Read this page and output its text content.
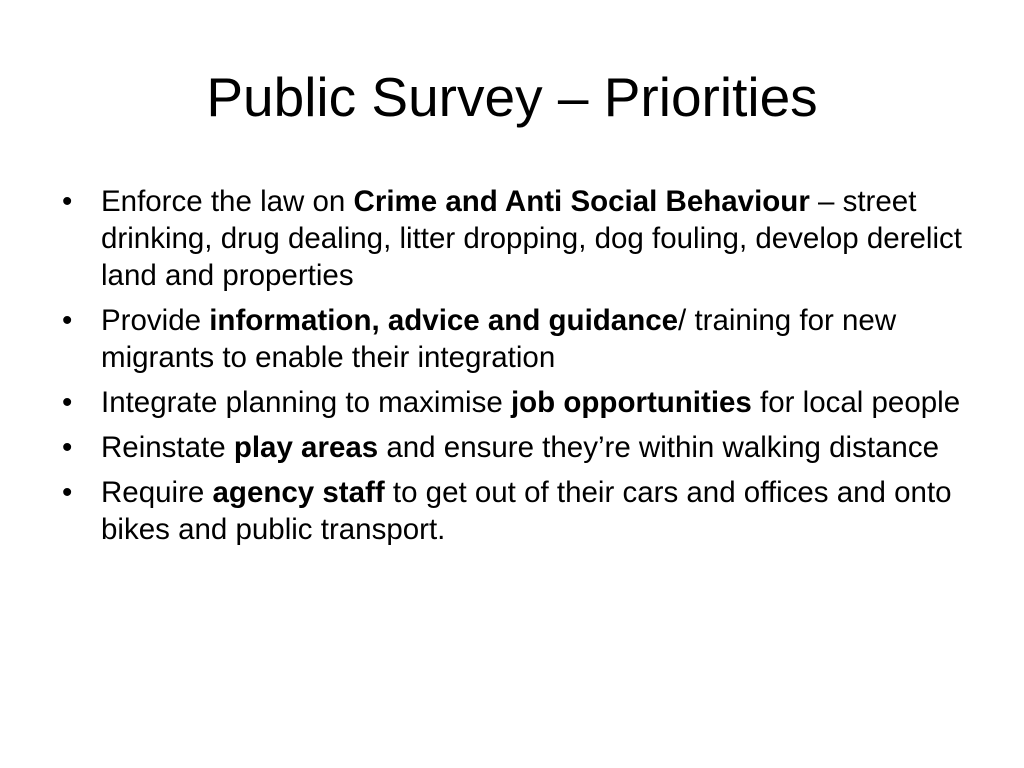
Public Survey – Priorities
• Enforce the law on Crime and Anti Social Behaviour – street drinking, drug dealing, litter dropping, dog fouling, develop derelict land and properties
• Provide information, advice and guidance/ training for new migrants to enable their integration
• Integrate planning to maximise job opportunities for local people
• Reinstate play areas and ensure they’re within walking distance
• Require agency staff to get out of their cars and offices and onto bikes and public transport.
